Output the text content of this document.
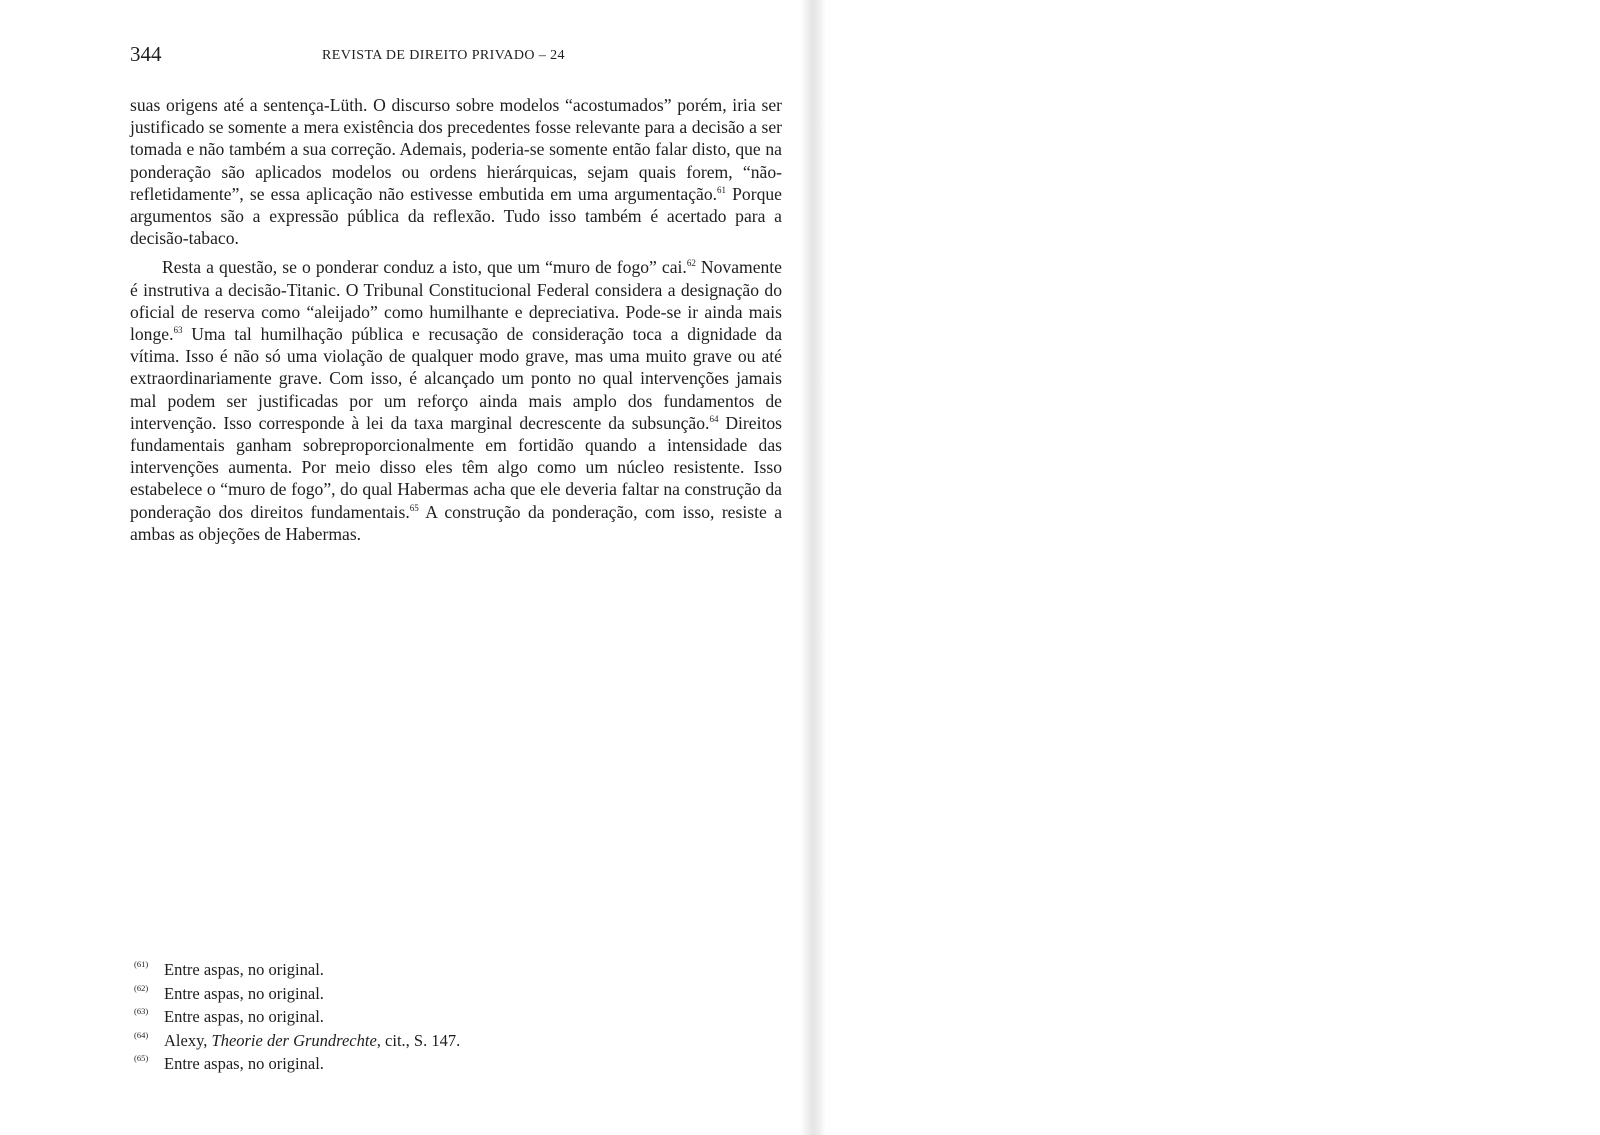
344	REVISTA DE DIREITO PRIVADO – 24

suas origens até a sentença-Lüth. O discurso sobre modelos “acostumados” porém, iria ser justificado se somente a mera existência dos precedentes fosse relevante para a decisão a ser tomada e não também a sua correção. Ademais, poderia-se somente então falar disto, que na ponderação são aplicados modelos ou ordens hierárquicas, sejam quais forem, “não-refletidamente”, se essa aplicação não estivesse embutida em uma argumentação.$^{61}$ Porque argumentos são a expressão pública da reflexão. Tudo isso também é acertado para a decisão-tabaco.

Resta a questão, se o ponderar conduz a isto, que um “muro de fogo” cai.$^{62}$ Novamente é instrutiva a decisão-Titanic. O Tribunal Constitucional Federal considera a designação do oficial de reserva como “aleijado” como humilhante e depreciativa. Pode-se ir ainda mais longe.$^{63}$ Uma tal humilhação pública e recusação de consideração toca a dignidade da vítima. Isso é não só uma violação de qualquer modo grave, mas uma muito grave ou até extraordinariamente grave. Com isso, é alcançado um ponto no qual intervenções jamais mal podem ser justificadas por um reforço ainda mais amplo dos fundamentos de intervenção. Isso corresponde à lei da taxa marginal decrescente da subsunção.$^{64}$ Direitos fundamentais ganham sobreproporcionalmente em fortidão quando a intensidade das intervenções aumenta. Por meio disso eles têm algo como um núcleo resistente. Isso estabelece o “muro de fogo”, do qual Habermas acha que ele deveria faltar na construção da ponderação dos direitos fundamentais.$^{65}$ A construção da ponderação, com isso, resiste a ambas as objeções de Habermas.

(61) Entre aspas, no original.
(62) Entre aspas, no original.
(63) Entre aspas, no original.
(64) Alexy, Theorie der Grundrechte, cit., S. 147.
(65) Entre aspas, no original.
